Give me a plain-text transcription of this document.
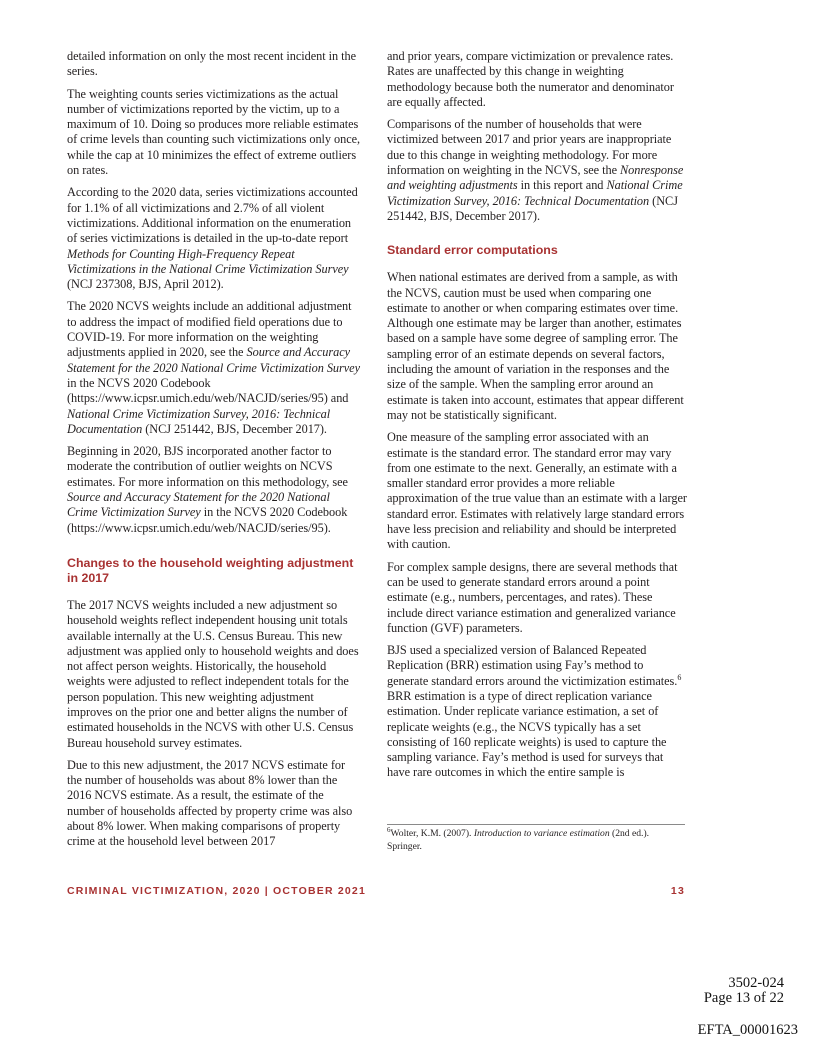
detailed information on only the most recent incident in the series.

The weighting counts series victimizations as the actual number of victimizations reported by the victim, up to a maximum of 10. Doing so produces more reliable estimates of crime levels than counting such victimizations only once, while the cap at 10 minimizes the effect of extreme outliers on rates.

According to the 2020 data, series victimizations accounted for 1.1% of all victimizations and 2.7% of all violent victimizations. Additional information on the enumeration of series victimizations is detailed in the up-to-date report Methods for Counting High-Frequency Repeat Victimizations in the National Crime Victimization Survey (NCJ 237308, BJS, April 2012).

The 2020 NCVS weights include an additional adjustment to address the impact of modified field operations due to COVID-19. For more information on the weighting adjustments applied in 2020, see the Source and Accuracy Statement for the 2020 National Crime Victimization Survey in the NCVS 2020 Codebook (https://www.icpsr.umich.edu/web/NACJD/series/95) and National Crime Victimization Survey, 2016: Technical Documentation (NCJ 251442, BJS, December 2017).

Beginning in 2020, BJS incorporated another factor to moderate the contribution of outlier weights on NCVS estimates. For more information on this methodology, see Source and Accuracy Statement for the 2020 National Crime Victimization Survey in the NCVS 2020 Codebook (https://www.icpsr.umich.edu/web/NACJD/series/95).

Changes to the household weighting adjustment in 2017

The 2017 NCVS weights included a new adjustment so household weights reflect independent housing unit totals available internally at the U.S. Census Bureau. This new adjustment was applied only to household weights and does not affect person weights. Historically, the household weights were adjusted to reflect independent totals for the person population. This new weighting adjustment improves on the prior one and better aligns the number of estimated households in the NCVS with other U.S. Census Bureau household survey estimates.

Due to this new adjustment, the 2017 NCVS estimate for the number of households was about 8% lower than the 2016 NCVS estimate. As a result, the estimate of the number of households affected by property crime was also about 8% lower. When making comparisons of property crime at the household level between 2017

and prior years, compare victimization or prevalence rates. Rates are unaffected by this change in weighting methodology because both the numerator and denominator are equally affected.

Comparisons of the number of households that were victimized between 2017 and prior years are inappropriate due to this change in weighting methodology. For more information on weighting in the NCVS, see the Nonresponse and weighting adjustments in this report and National Crime Victimization Survey, 2016: Technical Documentation (NCJ 251442, BJS, December 2017).

Standard error computations

When national estimates are derived from a sample, as with the NCVS, caution must be used when comparing one estimate to another or when comparing estimates over time. Although one estimate may be larger than another, estimates based on a sample have some degree of sampling error. The sampling error of an estimate depends on several factors, including the amount of variation in the responses and the size of the sample. When the sampling error around an estimate is taken into account, estimates that appear different may not be statistically significant.

One measure of the sampling error associated with an estimate is the standard error. The standard error may vary from one estimate to the next. Generally, an estimate with a smaller standard error provides a more reliable approximation of the true value than an estimate with a larger standard error. Estimates with relatively large standard errors have less precision and reliability and should be interpreted with caution.

For complex sample designs, there are several methods that can be used to generate standard errors around a point estimate (e.g., numbers, percentages, and rates). These include direct variance estimation and generalized variance function (GVF) parameters.

BJS used a specialized version of Balanced Repeated Replication (BRR) estimation using Fay’s method to generate standard errors around the victimization estimates.$^6$ BRR estimation is a type of direct replication variance estimation. Under replicate variance estimation, a set of replicate weights (e.g., the NCVS typically has a set consisting of 160 replicate weights) is used to capture the sampling variance. Fay’s method is used for surveys that have rare outcomes in which the entire sample is

$^6$Wolter, K.M. (2007). Introduction to variance estimation (2nd ed.). Springer.
CRIMINAL VICTIMIZATION, 2020 | OCTOBER 2021	13
3502-024
Page 13 of 22
EFTA_00001623
